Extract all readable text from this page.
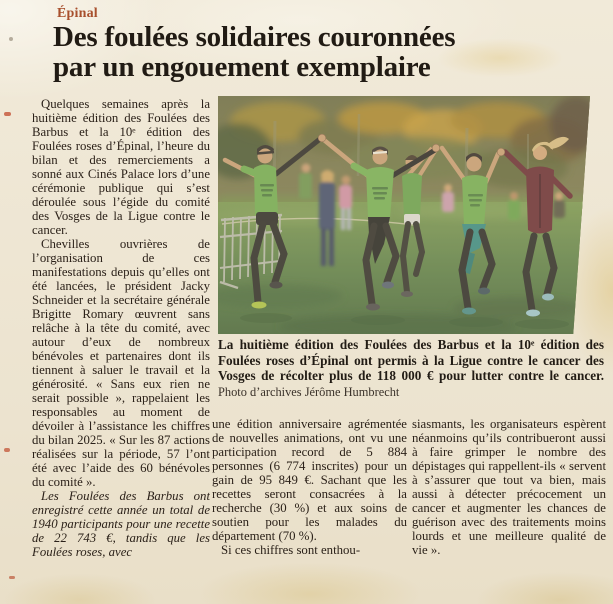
Épinal
Des foulées solidaires couronnées
par un engouement exemplaire

Quelques semaines après la huitième édition des Foulées des Barbus et la 10ᵉ édition des Foulées roses d’Épinal, l’heure du bilan et des remerciements a sonné aux Cinés Palace lors d’une cérémonie publique qui s’est déroulée sous l’égide du comité des Vosges de la Ligue contre le cancer.

Chevilles ouvrières de l’organisation de ces manifestations depuis qu’elles ont été lancées, le président Jacky Schneider et la secrétaire générale Brigitte Romary œuvrent sans relâche à la tête du comité, avec autour d’eux de nombreux bénévoles et partenaires dont ils tiennent à saluer le travail et la générosité. « Sans eux rien ne serait possible », rappelaient les responsables au moment de dévoiler à l’assistance les chiffres du bilan 2025. « Sur les 87 actions réalisées sur la période, 57 l’ont été avec l’aide des 60 bénévoles du comité ».

Les Foulées des Barbus ont enregistré cette année un total de 1940 participants pour une recette de 22 743 €, tandis que les Foulées roses, avec

La huitième édition des Foulées des Barbus et la 10ᵉ édition des Foulées roses d’Épinal ont permis à la Ligue contre le cancer des Vosges de récolter plus de 118 000 € pour lutter contre le cancer. Photo d’archives Jérôme Humbrecht

une édition anniversaire agrémentée de nouvelles animations, ont vu une participation record de 5 884 personnes (6 774 inscrites) pour un gain de 95 849 €. Sachant que les recettes seront consacrées à la recherche (30 %) et aux soins de soutien pour les malades du département (70 %).

Si ces chiffres sont enthou-

siasmants, les organisateurs espèrent néanmoins qu’ils contribueront aussi à faire grimper le nombre des dépistages qui rappellent-ils « servent à s’assurer que tout va bien, mais aussi à détecter précocement un cancer et augmenter les chances de guérison avec des traitements moins lourds et une meilleure qualité de vie ».
